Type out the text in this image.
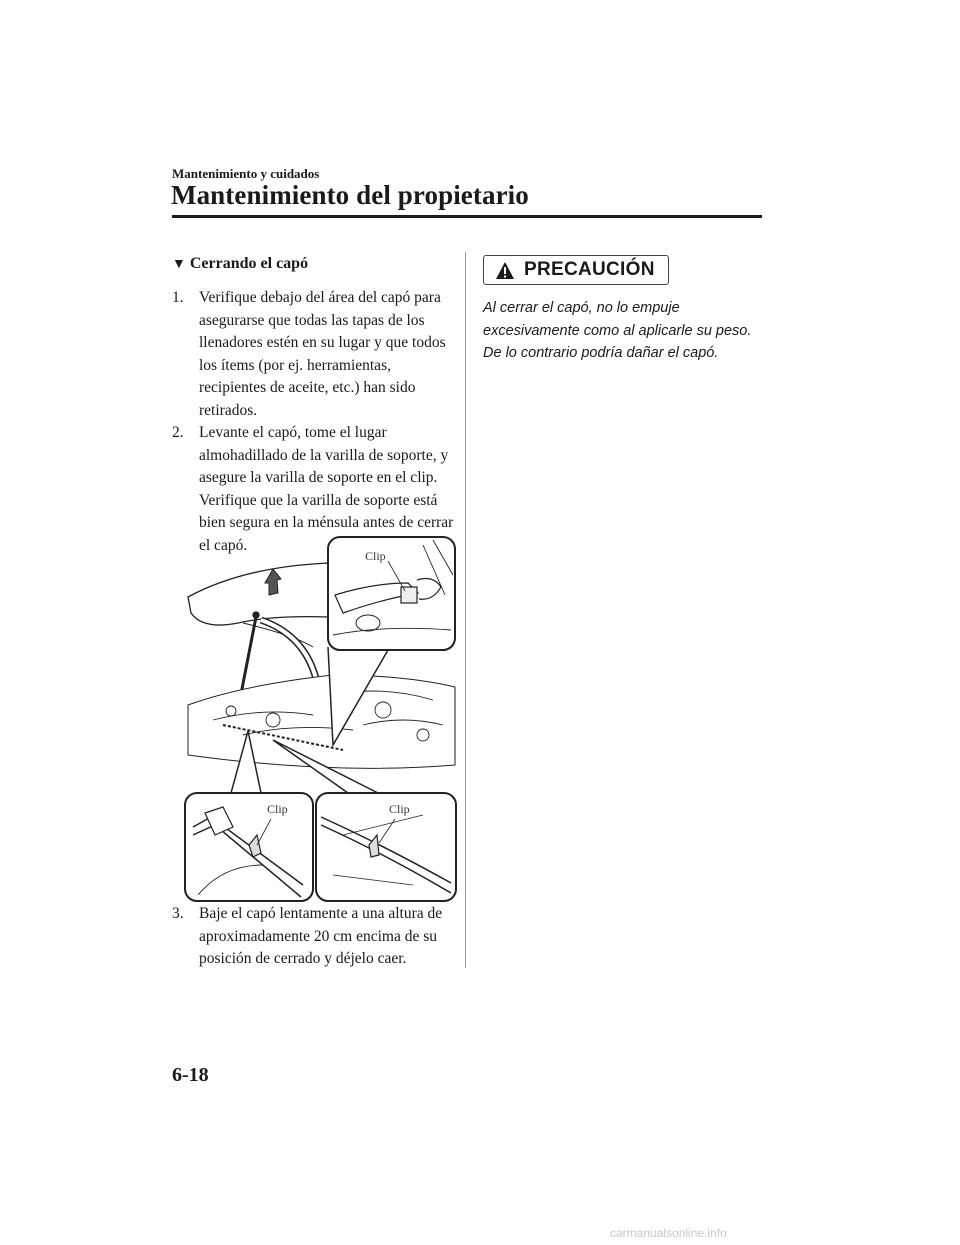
Mantenimiento y cuidados
Mantenimiento del propietario
▼ Cerrando el capó
1. Verifique debajo del área del capó para asegurarse que todas las tapas de los llenadores estén en su lugar y que todos los ítems (por ej. herramientas, recipientes de aceite, etc.) han sido retirados.
2. Levante el capó, tome el lugar almohadillado de la varilla de soporte, y asegure la varilla de soporte en el clip. Verifique que la varilla de soporte está bien segura en la ménsula antes de cerrar el capó.
Clip
Clip	Clip
3. Baje el capó lentamente a una altura de aproximadamente 20 cm encima de su posición de cerrado y déjelo caer.
PRECAUCIÓN
Al cerrar el capó, no lo empuje excesivamente como al aplicarle su peso. De lo contrario podría dañar el capó.
6-18
carmanualsonline.info
